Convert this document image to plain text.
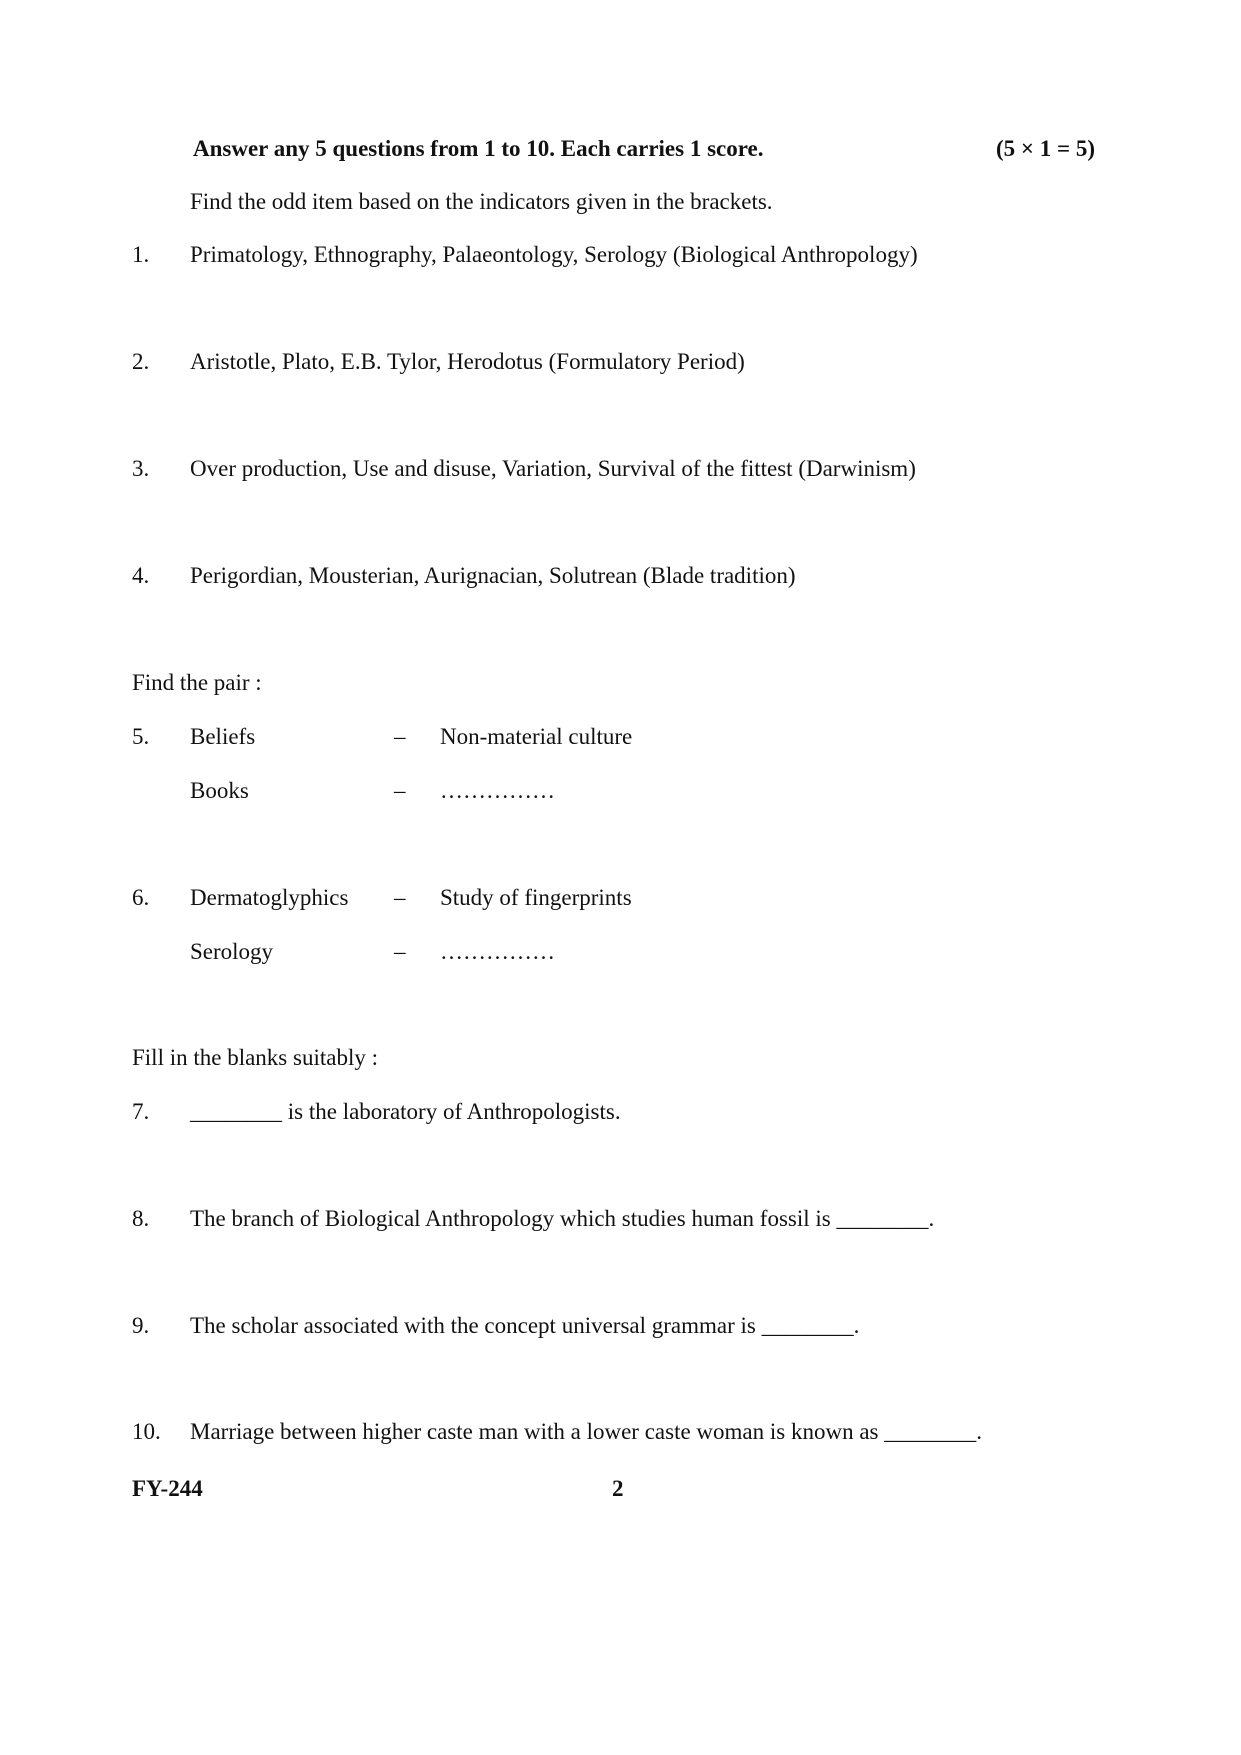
Answer any 5 questions from 1 to 10. Each carries 1 score.	(5 × 1 = 5)
Find the odd item based on the indicators given in the brackets.
1. Primatology, Ethnography, Palaeontology, Serology (Biological Anthropology)
2. Aristotle, Plato, E.B. Tylor, Herodotus (Formulatory Period)
3. Over production, Use and disuse, Variation, Survival of the fittest (Darwinism)
4. Perigordian, Mousterian, Aurignacian, Solutrean (Blade tradition)
Find the pair :
5. Beliefs	– Non-material culture
Books	– ……………
6. Dermatoglyphics – Study of fingerprints
Serology	– ……………
Fill in the blanks suitably :
7. ________ is the laboratory of Anthropologists.
8. The branch of Biological Anthropology which studies human fossil is ________.
9. The scholar associated with the concept universal grammar is ________.
10. Marriage between higher caste man with a lower caste woman is known as ________.
FY-244	2
